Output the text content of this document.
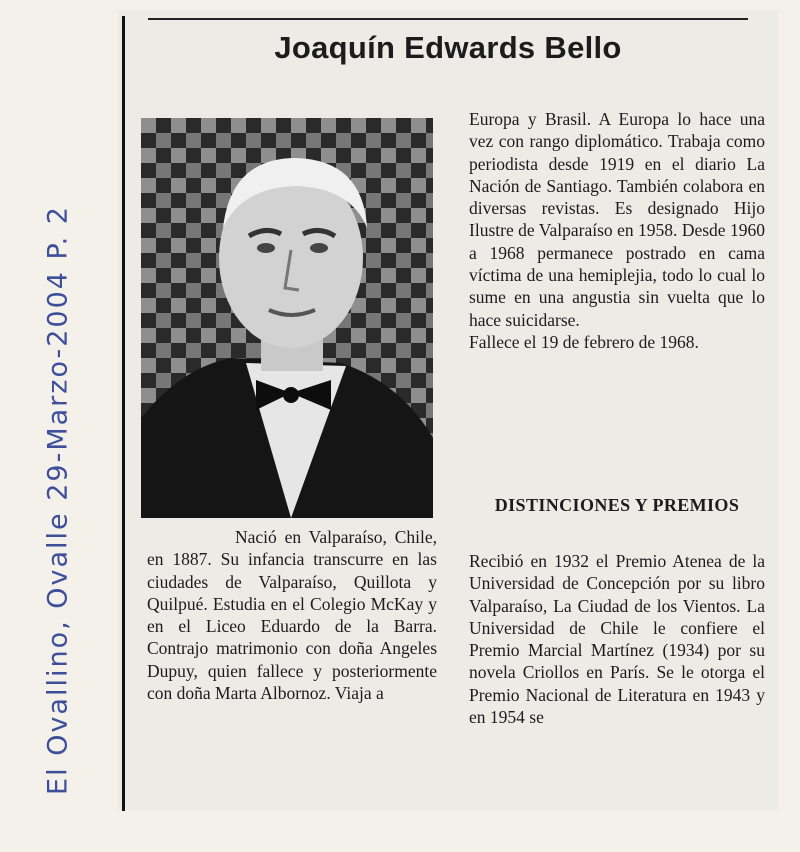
Joaquín Edwards Bello

Nació en Valparaíso, Chile, en 1887. Su infancia transcurre en las ciudades de Valparaíso, Quillota y Quilpué. Estudia en el Colegio McKay y en el Liceo Eduardo de la Barra. Contrajo matrimonio con doña Angeles Dupuy, quien fallece y posteriormente con doña Marta Albornoz. Viaja a

Europa y Brasil. A Europa lo hace una vez con rango diplomático. Trabaja como periodista desde 1919 en el diario La Nación de Santiago. También colabora en diversas revistas. Es designado Hijo Ilustre de Valparaíso en 1958. Desde 1960 a 1968 permanece postrado en cama víctima de una hemiplejia, todo lo cual lo sume en una angustia sin vuelta que lo hace suicidarse.

Fallece el 19 de febrero de 1968.

DISTINCIONES Y PREMIOS

Recibió en 1932 el Premio Atenea de la Universidad de Concepción por su libro Valparaíso, La Ciudad de los Vientos. La Universidad de Chile le confiere el Premio Marcial Martínez (1934) por su novela Criollos en París. Se le otorga el Premio Nacional de Literatura en 1943 y en 1954 se

El Ovallino, Ovalle 29-Marzo-2004 P. 2
